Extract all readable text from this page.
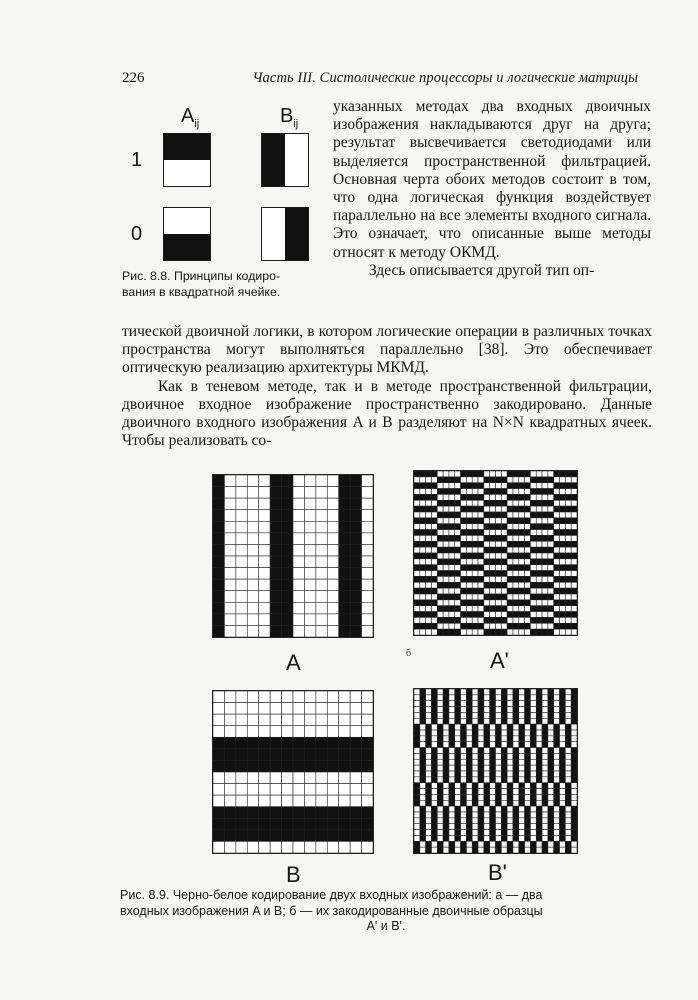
226	Часть III. Систолические процессоры и логические матрицы
$A_{ij}$	$B_{ij}$
1
0
Рис. 8.8. Принципы кодиро-
вания в квадратной ячейке.

указанных методах два входных двоичных изображения накладываются друг на друга; результат высвечивается светодиодами или выделяется пространственной фильтрацией. Основная черта обоих методов состоит в том, что одна логическая функция воздействует параллельно на все элементы входного сигнала. Это означает, что описанные выше методы относят к методу ОКМД.

Здесь описывается другой тип оп-

тической двоичной логики, в котором логические операции в различных точках пространства могут выполняться параллельно [38]. Это обеспечивает оптическую реализацию архитектуры МКМД.

Как в теневом методе, так и в методе пространственной фильтрации, двоичное входное изображение пространственно закодировано. Данные двоичного входного изображения A и B разделяют на N×N квадратных ячеек. Чтобы реализовать со-

A	A'
B	B'
б
Рис. 8.9. Черно-белое кодирование двух входных изображений: а — два
входных изображения A и B; б — их закодированные двоичные образцы
A' и B'.
